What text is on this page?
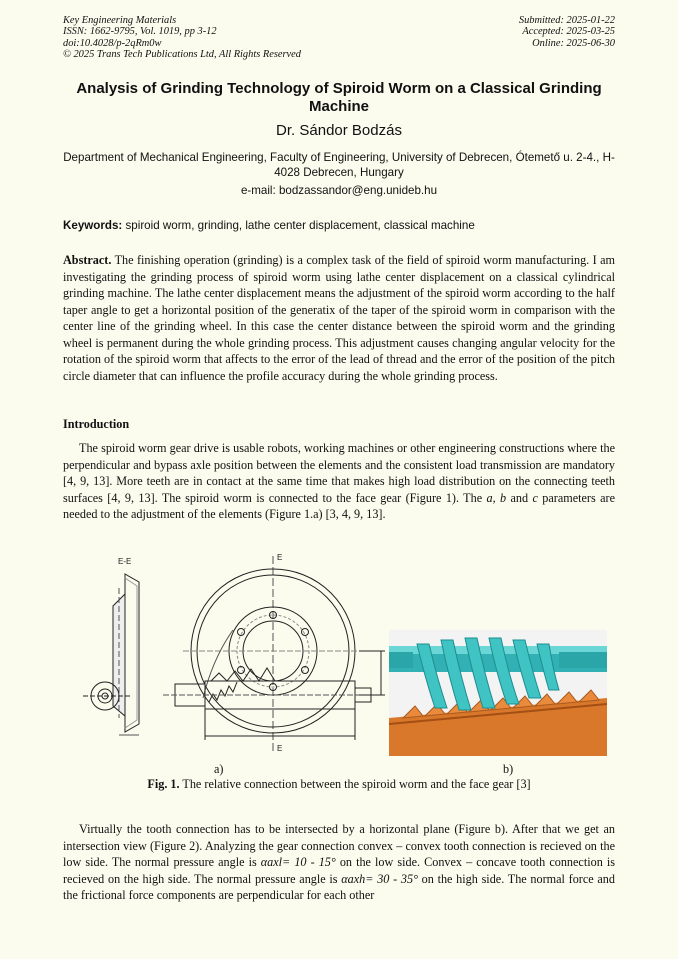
Key Engineering Materials
ISSN: 1662-9795, Vol. 1019, pp 3-12
doi:10.4028/p-2qRm0w
© 2025 Trans Tech Publications Ltd, All Rights Reserved
Submitted: 2025-01-22
Accepted: 2025-03-25
Online: 2025-06-30
Analysis of Grinding Technology of Spiroid Worm on a Classical Grinding Machine
Dr. Sándor Bodzás
Department of Mechanical Engineering, Faculty of Engineering, University of Debrecen, Ótemető u. 2-4., H-4028 Debrecen, Hungary
e-mail: bodzassandor@eng.unideb.hu
Keywords: spiroid worm, grinding, lathe center displacement, classical machine
Abstract. The finishing operation (grinding) is a complex task of the field of spiroid worm manufacturing. I am investigating the grinding process of spiroid worm using lathe center displacement on a classical cylindrical grinding machine. The lathe center displacement means the adjustment of the spiroid worm according to the half taper angle to get a horizontal position of the generatix of the taper of the spiroid worm in comparison with the center line of the grinding wheel. In this case the center distance between the spiroid worm and the grinding wheel is permanent during the whole grinding process. This adjustment causes changing angular velocity for the rotation of the spiroid worm that affects to the error of the lead of thread and the error of the position of the pitch circle diameter that can influence the profile accuracy during the whole grinding process.
Introduction
The spiroid worm gear drive is usable robots, working machines or other engineering constructions where the perpendicular and bypass axle position between the elements and the consistent load transmission are mandatory [4, 9, 13]. More teeth are in contact at the same time that makes high load distribution on the connecting teeth surfaces [4, 9, 13]. The spiroid worm is connected to the face gear (Figure 1). The a, b and c parameters are needed to the adjustment of the elements (Figure 1.a) [3, 4, 9, 13].
E-E	E
E
a)	b)
Fig. 1. The relative connection between the spiroid worm and the face gear [3]
Virtually the tooth connection has to be intersected by a horizontal plane (Figure b). After that we get an intersection view (Figure 2). Analyzing the gear connection convex – convex tooth connection is recieved on the low side. The normal pressure angle is αaxl= 10 - 15° on the low side. Convex – concave tooth connection is recieved on the high side. The normal pressure angle is αaxh= 30 - 35° on the high side. The normal force and the frictional force components are perpendicular for each other
